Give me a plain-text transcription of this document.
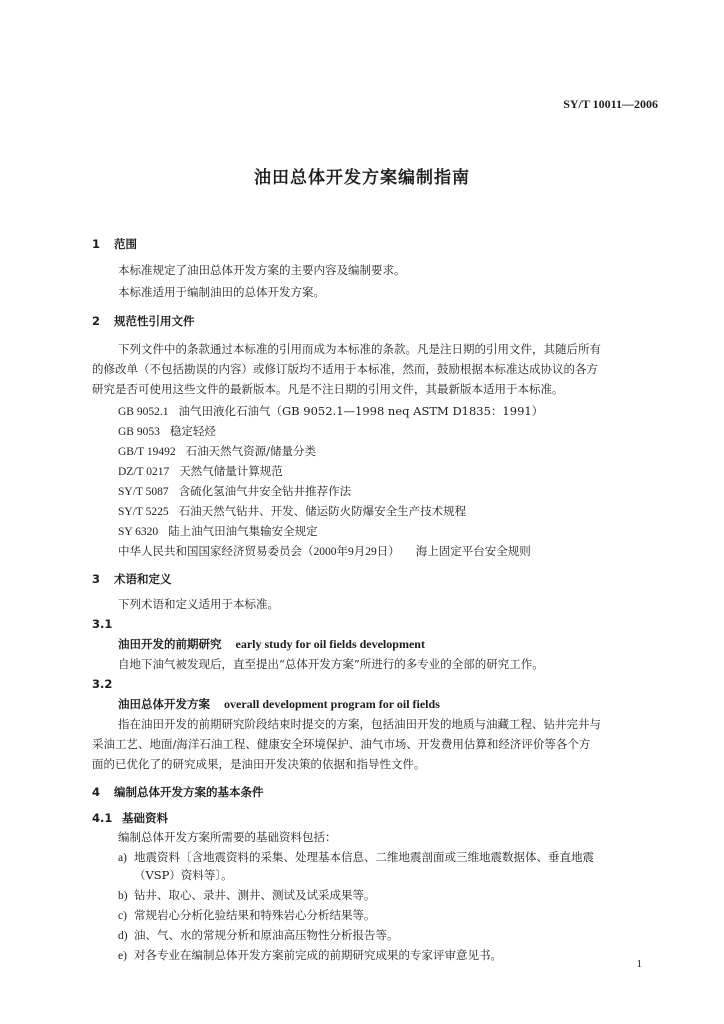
SY/T 10011—2006
油田总体开发方案编制指南
1 范围
本标准规定了油田总体开发方案的主要内容及编制要求。
本标准适用于编制油田的总体开发方案。
2 规范性引用文件
下列文件中的条款通过本标准的引用而成为本标准的条款。凡是注日期的引用文件，其随后所有
的修改单（不包括勘误的内容）或修订版均不适用于本标准，然而，鼓励根据本标准达成协议的各方
研究是否可使用这些文件的最新版本。凡是不注日期的引用文件，其最新版本适用于本标准。
GB 9052.1 油气田液化石油气（GB 9052.1—1998 neq ASTM D1835：1991）
GB 9053 稳定轻烃
GB/T 19492 石油天然气资源/储量分类
DZ/T 0217 天然气储量计算规范
SY/T 5087 含硫化氢油气井安全钻井推荐作法
SY/T 5225 石油天然气钻井、开发、储运防火防爆安全生产技术规程
SY 6320 陆上油气田油气集输安全规定
中华人民共和国国家经济贸易委员会（2000年9月29日） 海上固定平台安全规则
3 术语和定义
下列术语和定义适用于本标准。
3.1
油田开发的前期研究 early study for oil fields development
自地下油气被发现后，直至提出“总体开发方案”所进行的多专业的全部的研究工作。
3.2
油田总体开发方案 overall development program for oil fields
指在油田开发的前期研究阶段结束时提交的方案，包括油田开发的地质与油藏工程、钻井完井与
采油工艺、地面/海洋石油工程、健康安全环境保护、油气市场、开发费用估算和经济评价等各个方
面的已优化了的研究成果，是油田开发决策的依据和指导性文件。
4 编制总体开发方案的基本条件
4.1 基础资料
编制总体开发方案所需要的基础资料包括：
a) 地震资料〔含地震资料的采集、处理基本信息、二维地震剖面或三维地震数据体、垂直地震
（VSP）资料等〕。
b) 钻井、取心、录井、测井、测试及试采成果等。
c) 常规岩心分析化验结果和特殊岩心分析结果等。
d) 油、气、水的常规分析和原油高压物性分析报告等。
e) 对各专业在编制总体开发方案前完成的前期研究成果的专家评审意见书。
1
